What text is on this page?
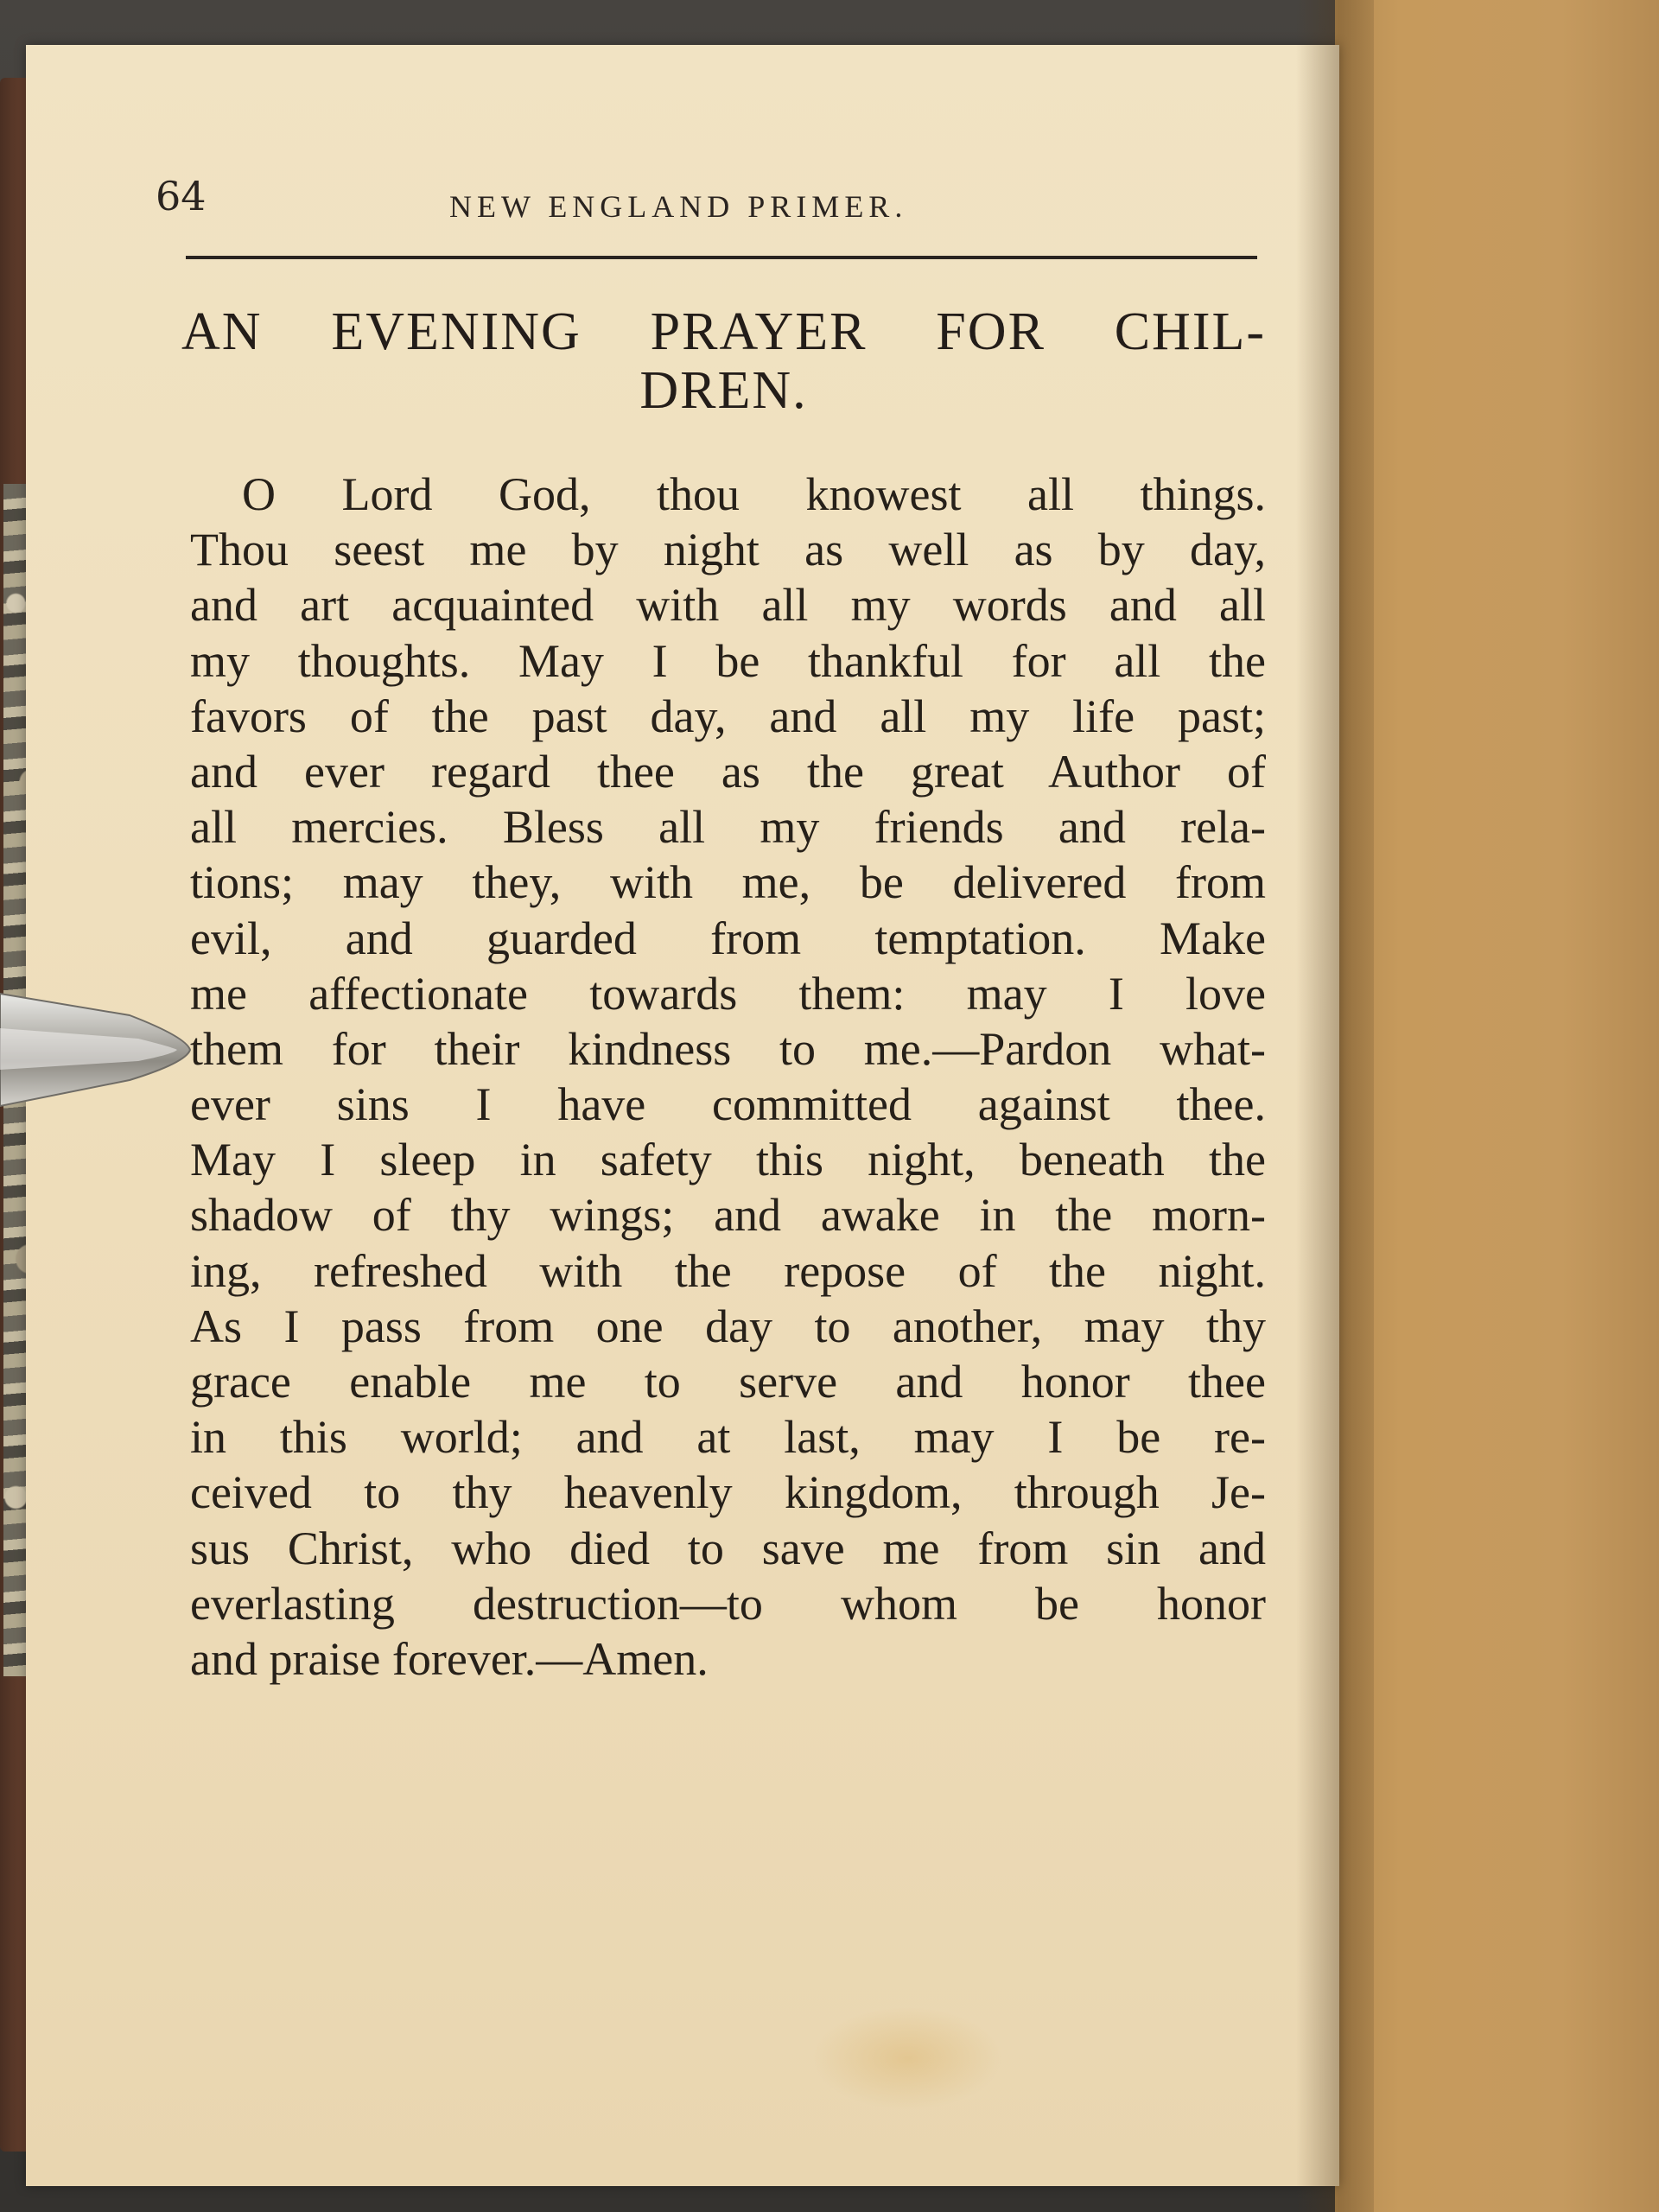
64	NEW ENGLAND PRIMER.
AN EVENING PRAYER FOR CHIL-
DREN.
O Lord God, thou knowest all things.
Thou seest me by night as well as by day,
and art acquainted with all my words and all
my thoughts. May I be thankful for all the
favors of the past day, and all my life past;
and ever regard thee as the great Author of
all mercies. Bless all my friends and rela-
tions; may they, with me, be delivered from
evil, and guarded from temptation. Make
me affectionate towards them: may I love
them for their kindness to me.—Pardon what-
ever sins I have committed against thee.
May I sleep in safety this night, beneath the
shadow of thy wings; and awake in the morn-
ing, refreshed with the repose of the night.
As I pass from one day to another, may thy
grace enable me to serve and honor thee
in this world; and at last, may I be re-
ceived to thy heavenly kingdom, through Je-
sus Christ, who died to save me from sin and
everlasting destruction—to whom be honor
and praise forever.—Amen.
